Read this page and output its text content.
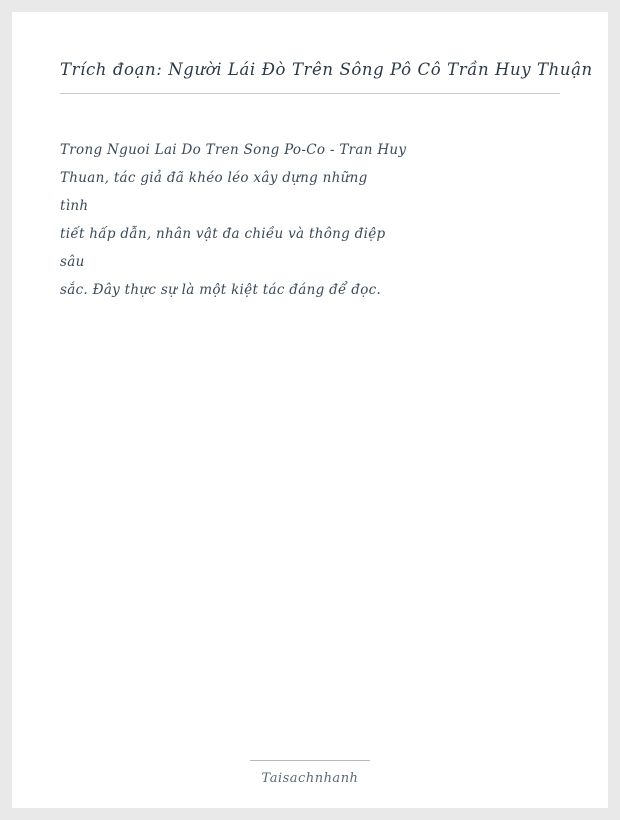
Trích đoạn: Người Lái Đò Trên Sông Pô Cô Trần Huy Thuận
Trong Nguoi Lai Do Tren Song Po-Co - Tran Huy
Thuan, tác giả đã khéo léo xây dựng những
tình
tiết hấp dẫn, nhân vật đa chiều và thông điệp
sâu
sắc. Đây thực sự là một kiệt tác đáng để đọc.
Taisachnhanh
